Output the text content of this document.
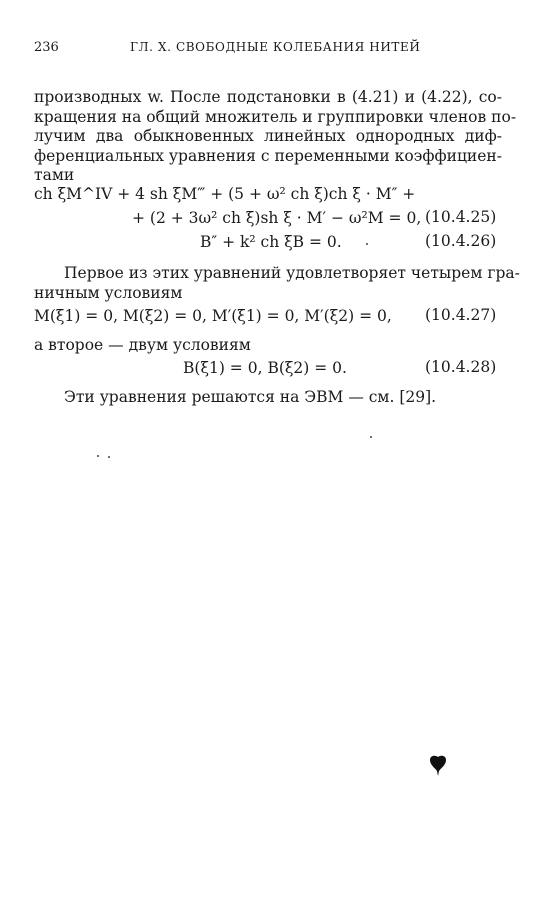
236	ГЛ. X. СВОБОДНЫЕ КОЛЕБАНИЯ НИТЕЙ
производных w. После подстановки в (4.21) и (4.22), со-
кращения на общий множитель и группировки членов по-
лучим два обыкновенных линейных однородных диф-
ференциальных уравнения с переменными коэффициен-
тами
ch ξM^IV + 4 sh ξM‴ + (5 + ω² ch ξ)ch ξ · M″ +
+ (2 + 3ω² ch ξ)sh ξ · M′ − ω²M = 0, (10.4.25)
B″ + k² ch ξB = 0.	(10.4.26)
Первое из этих уравнений удовлетворяет четырем гра-
ничным условиям
M(ξ1) = 0, M(ξ2) = 0, M′(ξ1) = 0, M′(ξ2) = 0, (10.4.27)
а второе — двум условиям
B(ξ1) = 0, B(ξ2) = 0.	(10.4.28)
Эти уравнения решаются на ЭВМ — см. [29].
